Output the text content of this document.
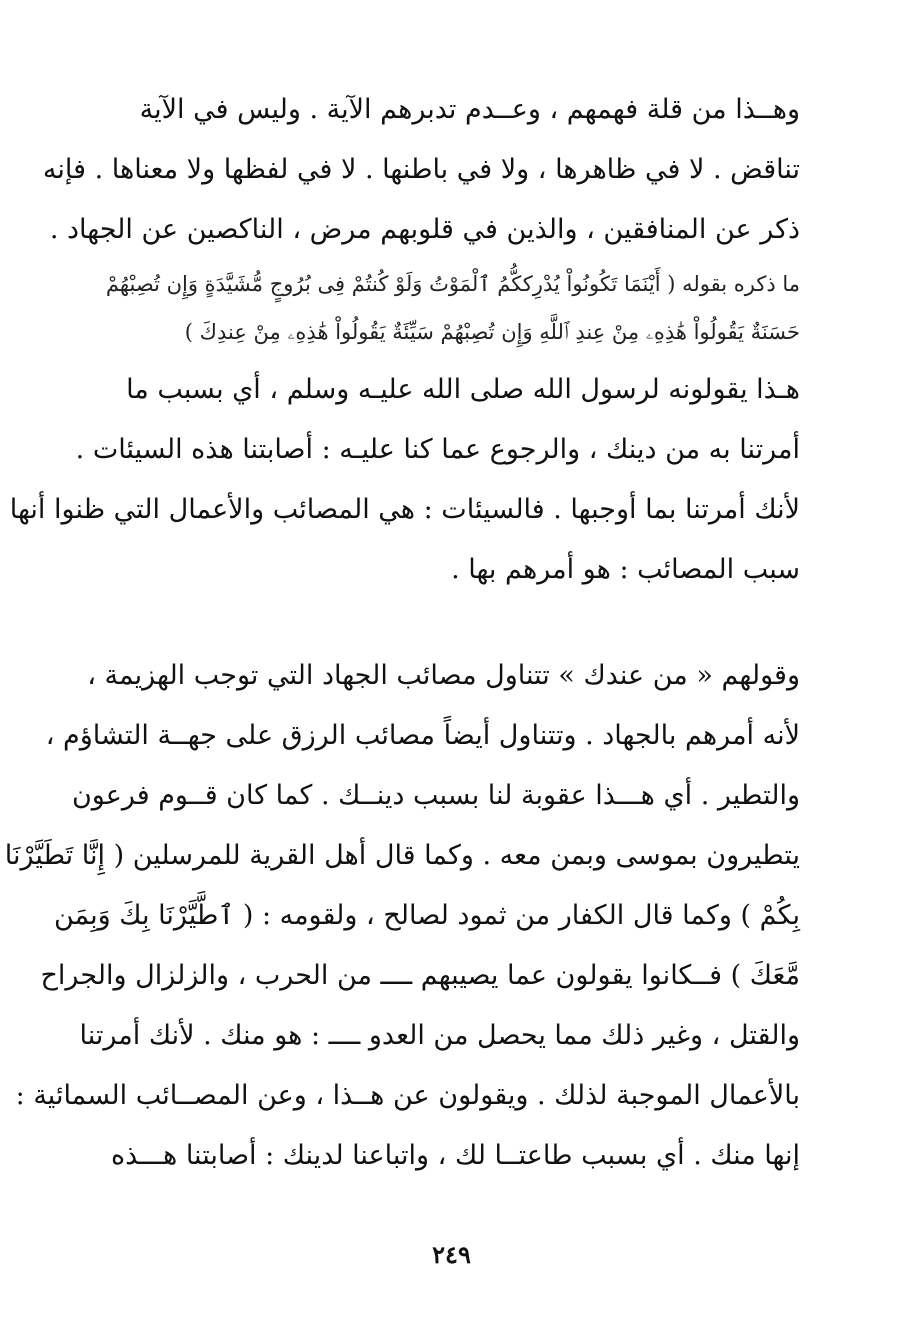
وهــذا من قلة فهمهم ، وعــدم تدبرهم الآية . وليس في الآية
تناقض . لا في ظاهرها ، ولا في باطنها . لا في لفظها ولا معناها . فإنه
ذكر عن المنافقين ، والذين في قلوبهم مرض ، الناكصين عن الجهاد .
ما ذكره بقوله ( أَيْنَمَا تَكُونُواْ يُدْرِككُّمُ ٱلْمَوْتُ وَلَوْ كُنتُمْ فِى بُرُوجٍ مُّشَيَّدَةٍ وَإِن تُصِبْهُمْ
حَسَنَةٌ يَقُولُواْ هَٰذِهِۦ مِنْ عِندِ ٱللَّهِ وَإِن تُصِبْهُمْ سَيِّئَةٌ يَقُولُواْ هَٰذِهِۦ مِنْ عِندِكَ )
هـذا يقولونه لرسول الله صلى الله عليـه وسلم ، أي بسبب ما
أمرتنا به من دينك ، والرجوع عما كنا عليـه : أصابتنا هذه السيئات .
لأنك أمرتنا بما أوجبها . فالسيئات : هي المصائب والأعمال التي ظنوا أنها
سبب المصائب : هو أمرهم بها .
وقولهم « من عندك » تتناول مصائب الجهاد التي توجب الهزيمة ،
لأنه أمرهم بالجهاد . وتتناول أيضاً مصائب الرزق على جهــة التشاؤم ،
والتطير . أي هـــذا عقوبة لنا بسبب دينــك . كما كان قــوم فرعون
يتطيرون بموسى وبمن معه . وكما قال أهل القرية للمرسلين ( إِنَّا تَطَيَّرْنَا
بِكُمْ ) وكما قال الكفار من ثمود لصالح ، ولقومه : ( ٱطَّيَّرْنَا بِكَ وَبِمَن
مَّعَكَ ) فــكانوا يقولون عما يصيبهم ــــ من الحرب ، والزلزال والجراح
والقتل ، وغير ذلك مما يحصل من العدو ــــ : هو منك . لأنك أمرتنا
بالأعمال الموجبة لذلك . ويقولون عن هــذا ، وعن المصــائب السمائية :
إنها منك . أي بسبب طاعتــا لك ، واتباعنا لدينك : أصابتنا هـــذه
٢٤٩
